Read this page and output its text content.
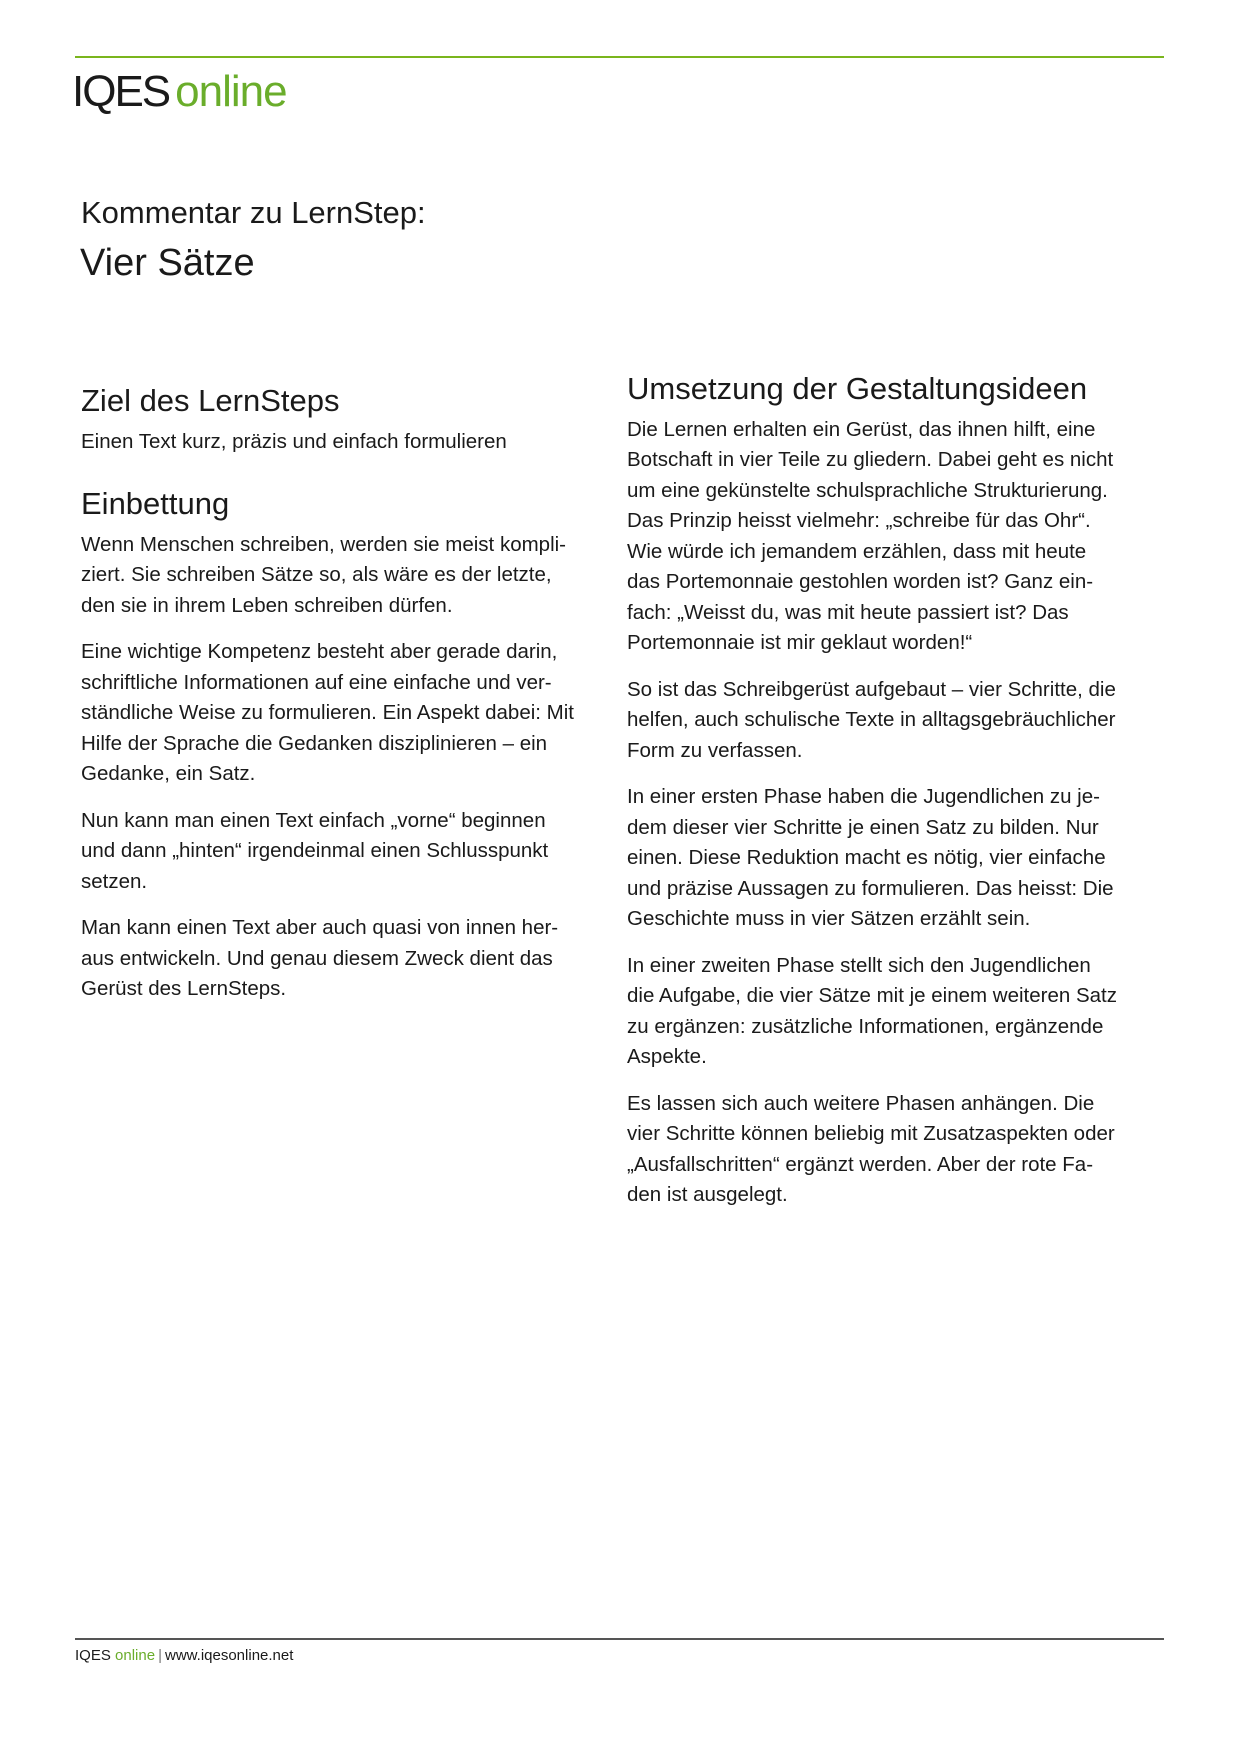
IQES online
Kommentar zu LernStep:
Vier Sätze
Ziel des LernSteps

Einen Text kurz, präzis und einfach formulieren

Einbettung

Wenn Menschen schreiben, werden sie meist kompli-
ziert. Sie schreiben Sätze so, als wäre es der letzte,
den sie in ihrem Leben schreiben dürfen.

Eine wichtige Kompetenz besteht aber gerade darin,
schriftliche Informationen auf eine einfache und ver-
ständliche Weise zu formulieren. Ein Aspekt dabei: Mit
Hilfe der Sprache die Gedanken disziplinieren – ein
Gedanke, ein Satz.

Nun kann man einen Text einfach „vorne“ beginnen
und dann „hinten“ irgendeinmal einen Schlusspunkt
setzen.

Man kann einen Text aber auch quasi von innen her-
aus entwickeln. Und genau diesem Zweck dient das
Gerüst des LernSteps.

Umsetzung der Gestaltungsideen

Die Lernen erhalten ein Gerüst, das ihnen hilft, eine
Botschaft in vier Teile zu gliedern. Dabei geht es nicht
um eine gekünstelte schulsprachliche Strukturierung.
Das Prinzip heisst vielmehr: „schreibe für das Ohr“.
Wie würde ich jemandem erzählen, dass mit heute
das Portemonnaie gestohlen worden ist? Ganz ein-
fach: „Weisst du, was mit heute passiert ist? Das
Portemonnaie ist mir geklaut worden!“

So ist das Schreibgerüst aufgebaut – vier Schritte, die
helfen, auch schulische Texte in alltagsgebräuchlicher
Form zu verfassen.

In einer ersten Phase haben die Jugendlichen zu je-
dem dieser vier Schritte je einen Satz zu bilden. Nur
einen. Diese Reduktion macht es nötig, vier einfache
und präzise Aussagen zu formulieren. Das heisst: Die
Geschichte muss in vier Sätzen erzählt sein.

In einer zweiten Phase stellt sich den Jugendlichen
die Aufgabe, die vier Sätze mit je einem weiteren Satz
zu ergänzen: zusätzliche Informationen, ergänzende
Aspekte.

Es lassen sich auch weitere Phasen anhängen. Die
vier Schritte können beliebig mit Zusatzaspekten oder
„Ausfallschritten“ ergänzt werden. Aber der rote Fa-
den ist ausgelegt.

IQES online | www.iqesonline.net
